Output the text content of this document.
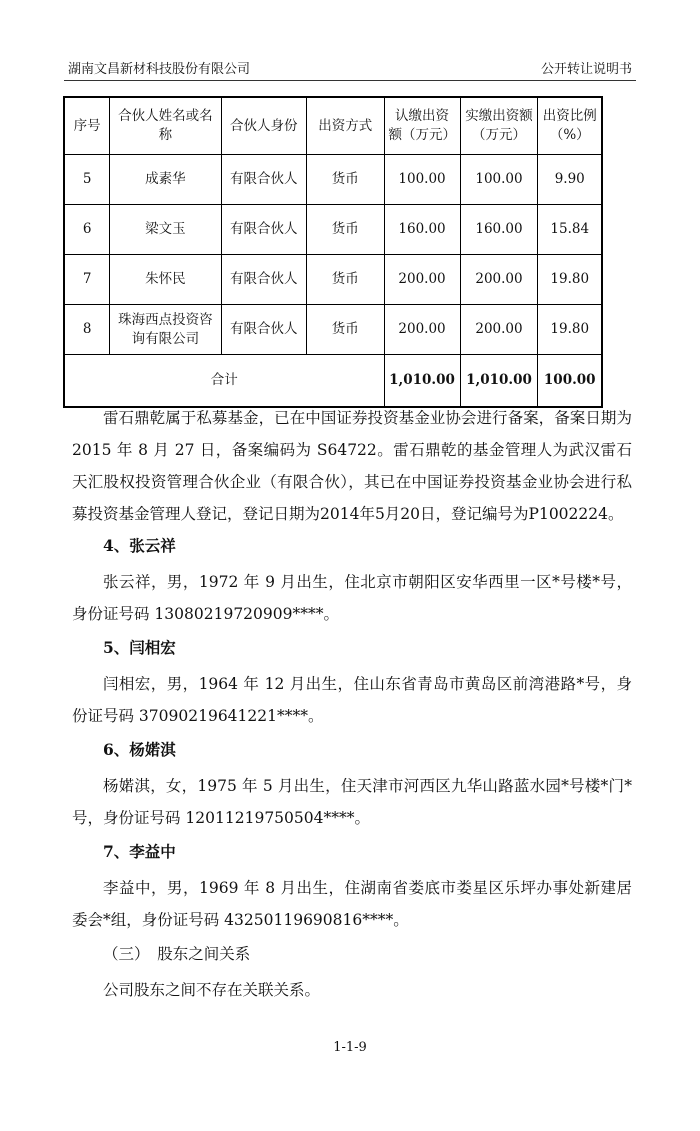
湖南文昌新材科技股份有限公司	公开转让说明书
序号	合伙人姓名或名称	合伙人身份	出资方式	认缴出资额（万元）	实缴出资额（万元）	出资比例（%）
5	成素华	有限合伙人	货币	100.00	100.00	9.90
6	梁文玉	有限合伙人	货币	160.00	160.00	15.84
7	朱怀民	有限合伙人	货币	200.00	200.00	19.80
8	珠海西点投资咨询有限公司	有限合伙人	货币	200.00	200.00	19.80
合计				1,010.00	1,010.00	100.00

雷石鼎乾属于私募基金，已在中国证券投资基金业协会进行备案，备案日期为 2015 年 8 月 27 日，备案编码为 S64722。雷石鼎乾的基金管理人为武汉雷石天汇股权投资管理合伙企业（有限合伙），其已在中国证券投资基金业协会进行私募投资基金管理人登记，登记日期为2014年5月20日，登记编号为P1002224。

4、张云祥

张云祥，男，1972 年 9 月出生，住北京市朝阳区安华西里一区*号楼*号，身份证号码 13080219720909****。

5、闫相宏

闫相宏，男，1964 年 12 月出生，住山东省青岛市黄岛区前湾港路*号，身份证号码 37090219641221****。

6、杨婼淇

杨婼淇，女，1975 年 5 月出生，住天津市河西区九华山路蓝水园*号楼*门*号，身份证号码 12011219750504****。

7、李益中

李益中，男，1969 年 8 月出生，住湖南省娄底市娄星区乐坪办事处新建居委会*组，身份证号码 43250119690816****。

（三）　股东之间关系

公司股东之间不存在关联关系。

1-1-9
